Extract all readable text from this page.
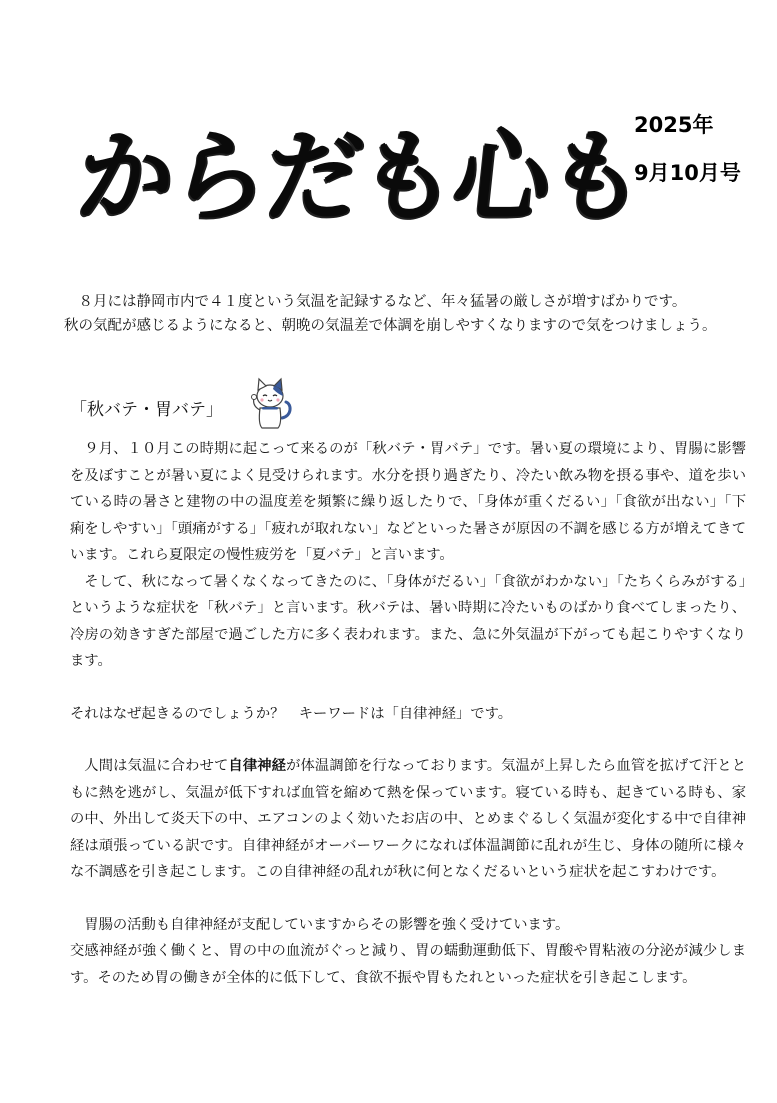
からだも心も
2025年
9月10月号

８月には静岡市内で４１度という気温を記録するなど、年々猛暑の厳しさが増すばかりです。

秋の気配が感じるようになると、朝晩の気温差で体調を崩しやすくなりますので気をつけましょう。

「秋バテ・胃バテ」

９月、１０月この時期に起こって来るのが「秋バテ・胃バテ」です。暑い夏の環境により、胃腸に影響を及ぼすことが暑い夏によく見受けられます。水分を摂り過ぎたり、冷たい飲み物を摂る事や、道を歩いている時の暑さと建物の中の温度差を頻繁に繰り返したりで、「身体が重くだるい」「食欲が出ない」「下痢をしやすい」「頭痛がする」「疲れが取れない」などといった暑さが原因の不調を感じる方が増えてきています。これら夏限定の慢性疲労を「夏バテ」と言います。

そして、秋になって暑くなくなってきたのに、「身体がだるい」「食欲がわかない」「たちくらみがする」というような症状を「秋バテ」と言います。秋バテは、暑い時期に冷たいものばかり食べてしまったり、冷房の効きすぎた部屋で過ごした方に多く表われます。また、急に外気温が下がっても起こりやすくなります。

それはなぜ起きるのでしょうか？　キーワードは「自律神経」です。

人間は気温に合わせて自律神経が体温調節を行なっております。気温が上昇したら血管を拡げて汗とともに熱を逃がし、気温が低下すれば血管を縮めて熱を保っています。寝ている時も、起きている時も、家の中、外出して炎天下の中、エアコンのよく効いたお店の中、とめまぐるしく気温が変化する中で自律神経は頑張っている訳です。自律神経がオーバーワークになれば体温調節に乱れが生じ、身体の随所に様々な不調感を引き起こします。この自律神経の乱れが秋に何となくだるいという症状を起こすわけです。

胃腸の活動も自律神経が支配していますからその影響を強く受けています。

交感神経が強く働くと、胃の中の血流がぐっと減り、胃の蠕動運動低下、胃酸や胃粘液の分泌が減少します。そのため胃の働きが全体的に低下して、食欲不振や胃もたれといった症状を引き起こします。
